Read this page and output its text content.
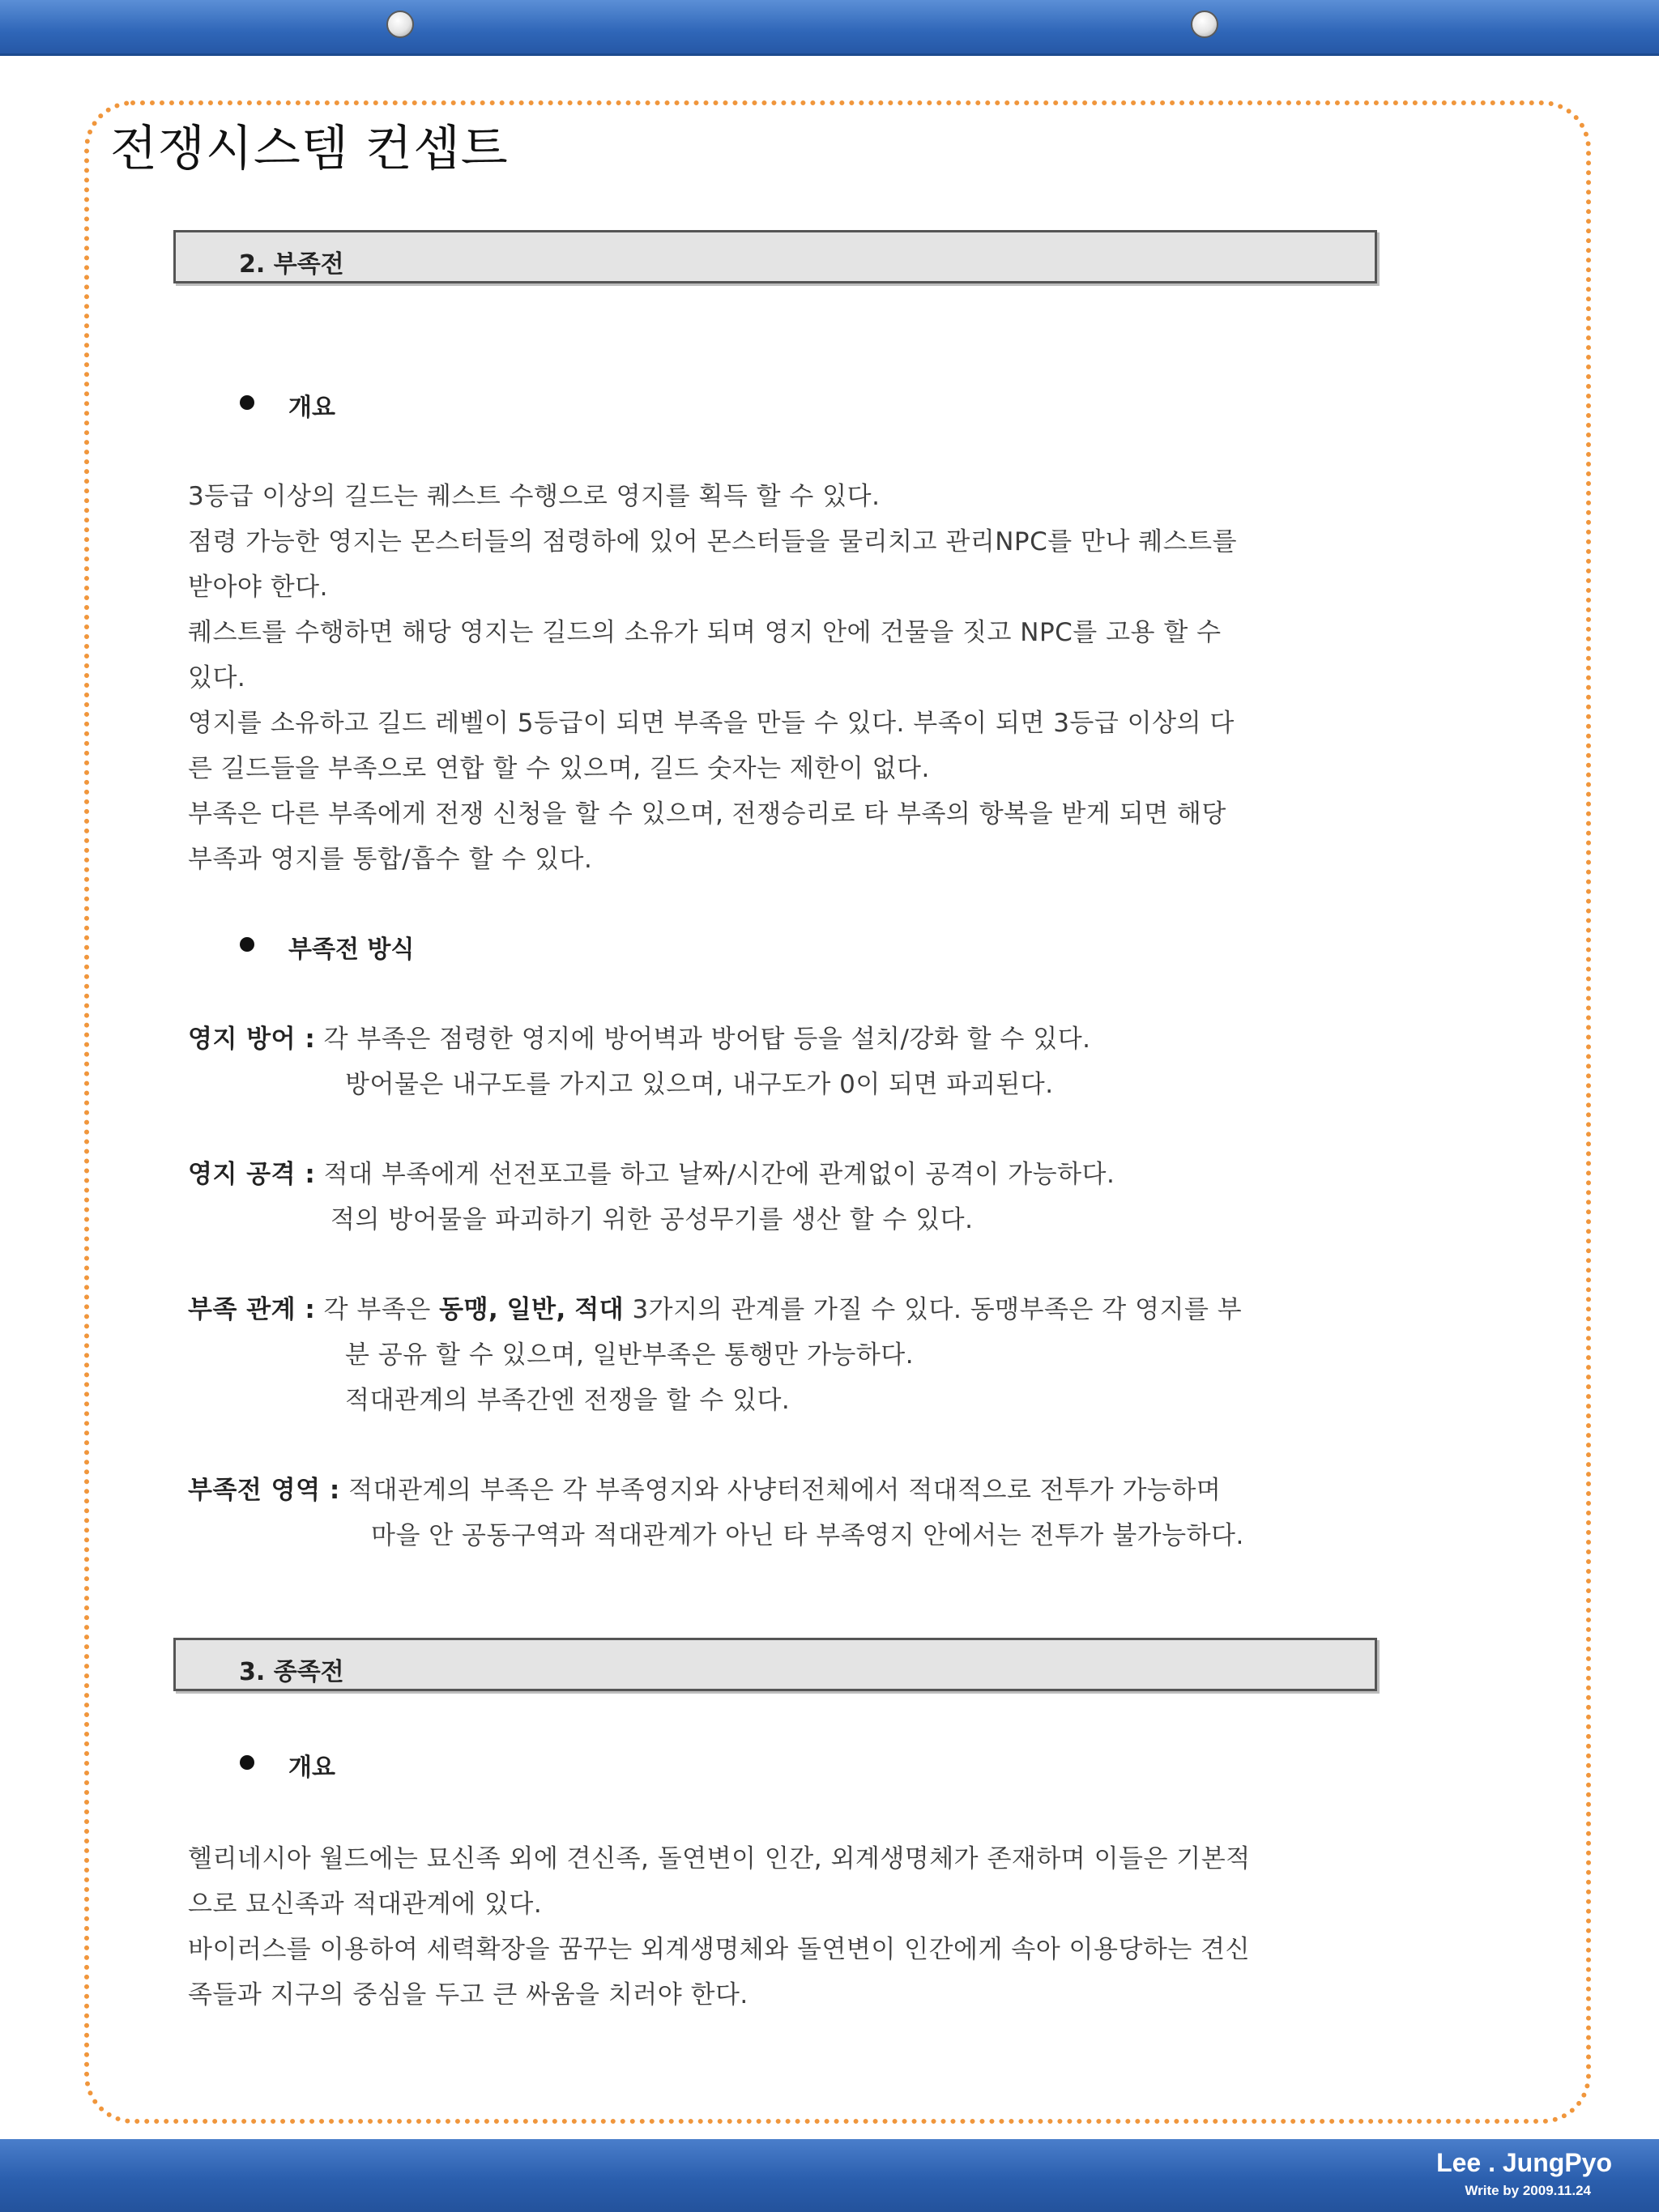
전쟁시스템 컨셉트
2. 부족전
개요
3등급 이상의 길드는 퀘스트 수행으로 영지를 획득 할 수 있다.
점령 가능한 영지는 몬스터들의 점령하에 있어 몬스터들을 물리치고 관리NPC를 만나 퀘스트를
받아야 한다.
퀘스트를 수행하면 해당 영지는 길드의 소유가 되며 영지 안에 건물을 짓고 NPC를 고용 할 수
있다.
영지를 소유하고 길드 레벨이 5등급이 되면 부족을 만들 수 있다. 부족이 되면 3등급 이상의 다
른 길드들을 부족으로 연합 할 수 있으며, 길드 숫자는 제한이 없다.
부족은 다른 부족에게 전쟁 신청을 할 수 있으며, 전쟁승리로 타 부족의 항복을 받게 되면 해당
부족과 영지를 통합/흡수 할 수 있다.
부족전 방식
영지 방어 : 각 부족은 점령한 영지에 방어벽과 방어탑 등을 설치/강화 할 수 있다.
방어물은 내구도를 가지고 있으며, 내구도가 0이 되면 파괴된다.
영지 공격 : 적대 부족에게 선전포고를 하고 날짜/시간에 관계없이 공격이 가능하다.
적의 방어물을 파괴하기 위한 공성무기를 생산 할 수 있다.
부족 관계 : 각 부족은 동맹, 일반, 적대 3가지의 관계를 가질 수 있다. 동맹부족은 각 영지를 부
분 공유 할 수 있으며, 일반부족은 통행만 가능하다.
적대관계의 부족간엔 전쟁을 할 수 있다.
부족전 영역 : 적대관계의 부족은 각 부족영지와 사냥터전체에서 적대적으로 전투가 가능하며
마을 안 공동구역과 적대관계가 아닌 타 부족영지 안에서는 전투가 불가능하다.
3. 종족전
개요
헬리네시아 월드에는 묘신족 외에 견신족, 돌연변이 인간, 외계생명체가 존재하며 이들은 기본적
으로 묘신족과 적대관계에 있다.
바이러스를 이용하여 세력확장을 꿈꾸는 외계생명체와 돌연변이 인간에게 속아 이용당하는 견신
족들과 지구의 중심을 두고 큰 싸움을 치러야 한다.
Lee . JungPyo
Write by 2009.11.24
